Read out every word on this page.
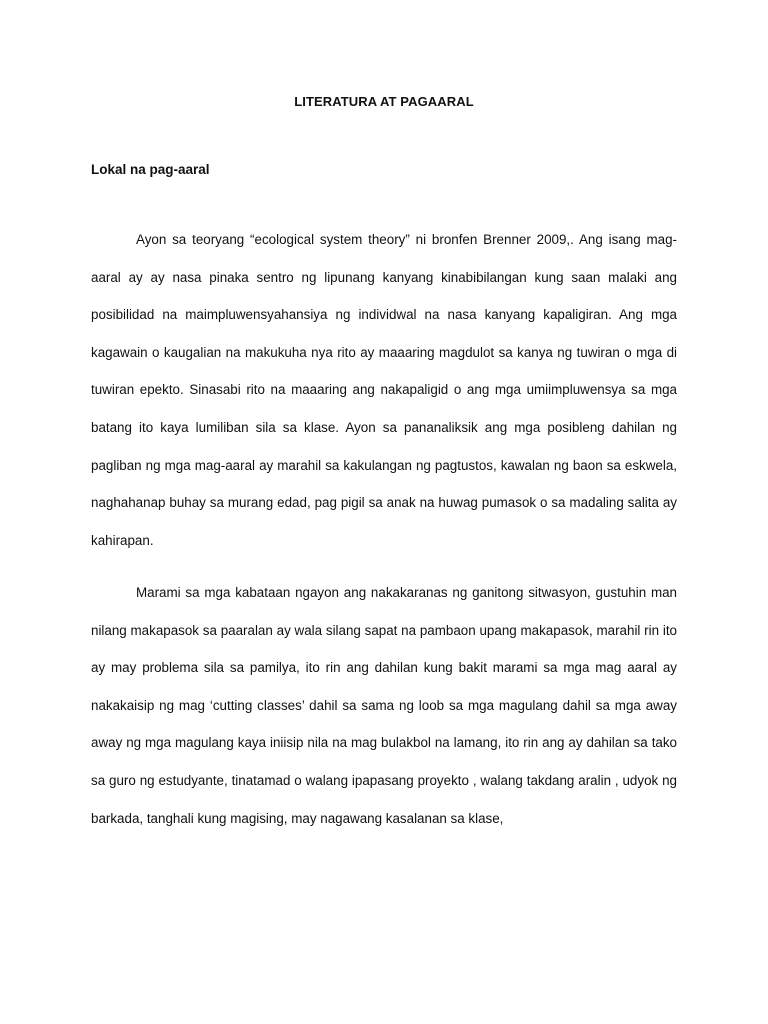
LITERATURA AT PAGAARAL
Lokal na pag-aaral

Ayon sa teoryang “ecological system theory” ni bronfen Brenner 2009,. Ang isang mag-aaral ay ay nasa pinaka sentro ng lipunang kanyang kinabibilangan kung saan malaki ang posibilidad na maimpluwensyahansiya ng individwal na nasa kanyang kapaligiran. Ang mga kagawain o kaugalian na makukuha nya rito ay maaaring magdulot sa kanya ng tuwiran o mga di tuwiran epekto. Sinasabi rito na maaaring ang nakapaligid o ang mga umiimpluwensya sa mga batang ito kaya lumiliban sila sa klase. Ayon sa pananaliksik ang mga posibleng dahilan ng pagliban ng mga mag-aaral ay marahil sa kakulangan ng pagtustos, kawalan ng baon sa eskwela, naghahanap buhay sa murang edad, pag pigil sa anak na huwag pumasok o sa madaling salita ay kahirapan.

Marami sa mga kabataan ngayon ang nakakaranas ng ganitong sitwasyon, gustuhin man nilang makapasok sa paaralan ay wala silang sapat na pambaon upang makapasok, marahil rin ito ay may problema sila sa pamilya, ito rin ang dahilan kung bakit marami sa mga mag aaral ay nakakaisip ng mag ‘cutting classes’ dahil sa sama ng loob sa mga magulang dahil sa mga away away ng mga magulang kaya iniisip nila na mag bulakbol na lamang, ito rin ang ay dahilan sa tako sa guro ng estudyante, tinatamad o walang ipapasang proyekto , walang takdang aralin , udyok ng barkada, tanghali kung magising, may nagawang kasalanan sa klase,
